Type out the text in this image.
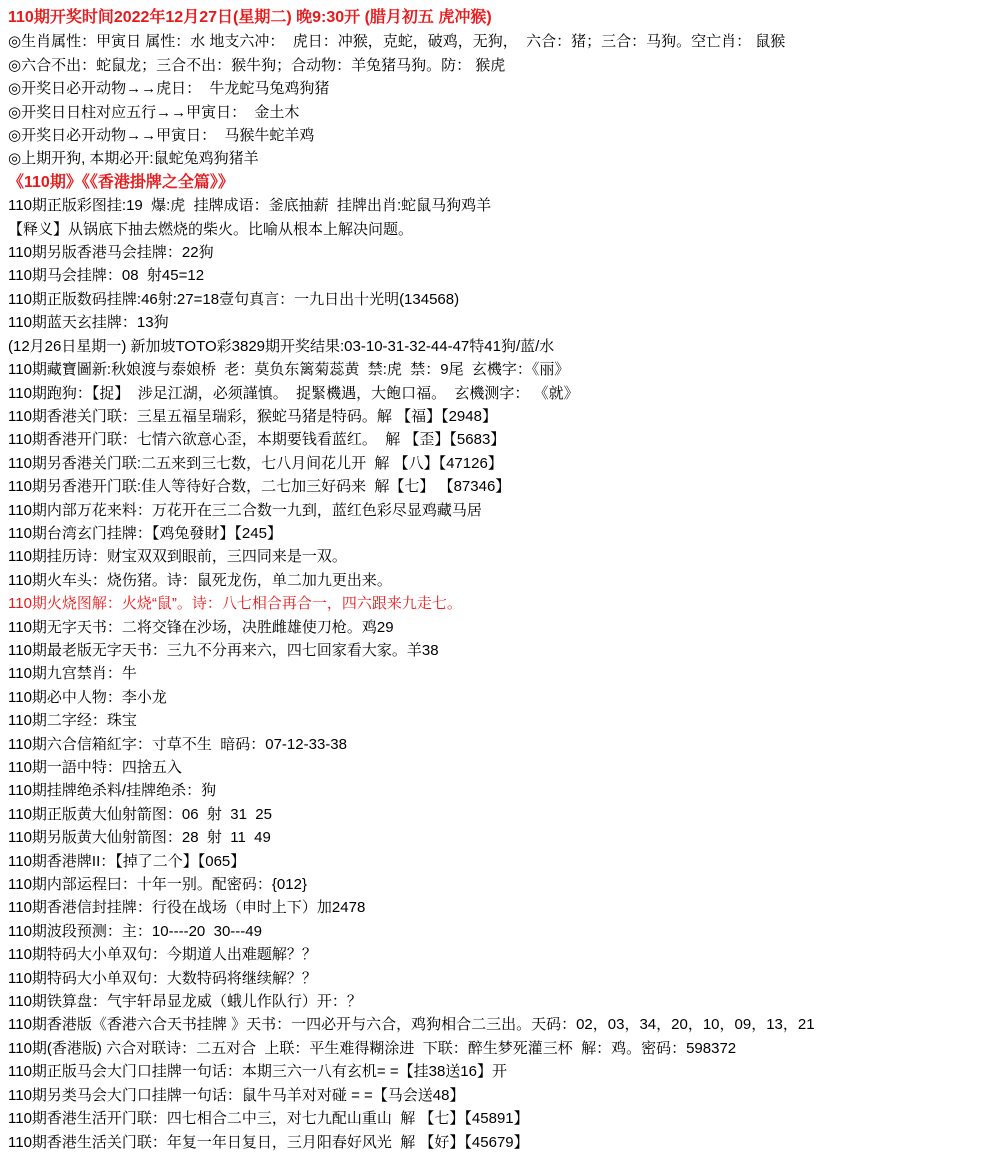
110期开奖时间2022年12月27日(星期二) 晚9:30开 (腊月初五 虎冲猴)
◎生肖属性：甲寅日 属性：水 地支六冲：  虎日：冲猴，克蛇，破鸡，无狗，  六合：猪；三合：马狗。空亡肖： 鼠猴
◎六合不出：蛇鼠龙；三合不出：猴牛狗；合动物：羊兔猪马狗。防： 猴虎
◎开奖日必开动物→→虎日：  牛龙蛇马兔鸡狗猪
◎开奖日日柱对应五行→→甲寅日：  金土木
◎开奖日必开动物→→甲寅日：  马猴牛蛇羊鸡
◎上期开狗, 本期必开:鼠蛇兔鸡狗猪羊
《110期》《《香港掛牌之全篇》》
110期正版彩图挂:19  爆:虎  挂牌成语：釜底抽薪  挂牌出肖:蛇鼠马狗鸡羊
【释义】从锅底下抽去燃烧的柴火。比喻从根本上解决问题。
110期另版香港马会挂牌：22狗
110期马会挂牌：08  射45=12
110期正版数码挂牌:46射:27=18壹句真言：一九日出十光明(134568)
110期蓝天玄挂牌：13狗
(12月26日星期一) 新加坡TOTO彩3829期开奖结果:03-10-31-32-44-47特41狗/蓝/水
110期藏寶圖新:秋娘渡与泰娘桥  老：莫负东篱菊蕊黄  禁:虎  禁：9尾  玄機字：《丽》
110期跑狗：【捉】  涉足江湖，必须謹慎。  捉緊機遇，大飽口福。  玄機测字： 《就》
110期香港关门联：三星五福呈瑞彩，猴蛇马猪是特码。解 【福】【2948】
110期香港开门联：七情六欲意心歪，本期要钱看蓝红。  解 【歪】【5683】
110期另香港关门联:二五来到三七数，七八月间花儿开  解 【八】【47126】
110期另香港开门联:佳人等待好合数，二七加三好码来  解【七】 【87346】
110期内部万花来料：万花开在三二合数一九到，蓝红色彩尽显鸡藏马居
110期台湾玄门挂牌：【鸡兔發財】【245】
110期挂历诗：财宝双双到眼前，三四同来是一双。
110期火车头：烧伤猪。诗：鼠死龙伤，单二加九更出来。
110期火烧图解：火烧“鼠”。诗：八七相合再合一，四六跟来九走七。
110期无字天书：二将交锋在沙场，决胜雌雄使刀枪。鸡29
110期最老版无字天书：三九不分再来六，四七回家看大家。羊38
110期九宫禁肖：牛
110期必中人物：李小龙
110期二字经：珠宝
110期六合信箱紅字：寸草不生  暗码：07-12-33-38
110期一語中特：四捨五入
110期挂牌绝杀料/挂牌绝杀：狗
110期正版黄大仙射箭图：06  射  31  25
110期另版黄大仙射箭图：28  射  11  49
110期香港牌II：【掉了二个】【065】
110期内部运程曰：十年一别。配密码：{012}
110期香港信封挂牌：行役在战场（申时上下）加2478
110期波段预测：主：10----20  30---49
110期特码大小单双句：今期道人出难题解？？
110期特码大小单双句：大数特码将继续解？？
110期铁算盘：气宇轩昂显龙威（蛾儿作队行）开：？
110期香港版《香港六合天书挂牌 》天书：一四必开与六合，鸡狗相合二三出。天码：02，03，34，20，10，09，13，21
110期(香港版) 六合对联诗：二五对合  上联：平生难得糊涂进  下联：醉生梦死灌三杯  解：鸡。密码：598372
110期正版马会大门口挂牌一句话：本期三六一八有玄机= =【挂38送16】开
110期另类马会大门口挂牌一句话：鼠牛马羊对对碰 = =【马会送48】
110期香港生活开门联：四七相合二中三，对七九配山重山  解 【七】【45891】
110期香港生活关门联：年复一年日复日，三月阳春好风光  解 【好】【45679】
